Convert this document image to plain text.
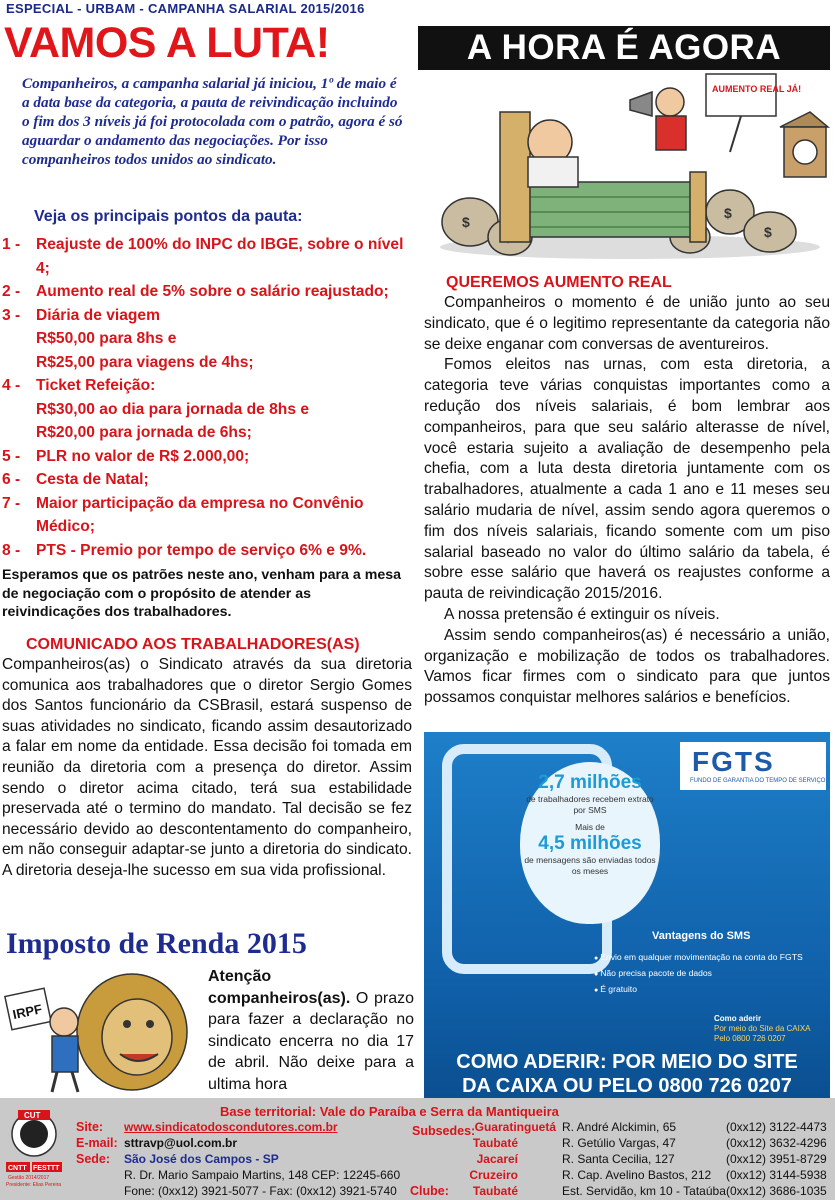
ESPECIAL - URBAM - CAMPANHA SALARIAL 2015/2016
VAMOS A LUTA!	A HORA É AGORA
Companheiros, a campanha salarial já iniciou, 1º de maio é a data base da categoria, a pauta de reivindicação incluindo o fim dos 3 níveis já foi protocolada com o patrão, agora é só aguardar o andamento das negociações. Por isso companheiros todos unidos ao sindicato.
$
$
$
AUMENTO REAL JÁ!
Veja os principais pontos da pauta:
1 -	Reajuste de 100% do INPC do IBGE, sobre o nível 4;
2 -	Aumento real de 5% sobre o salário reajustado;
3 -	Diária de viagem
R$50,00 para 8hs e
R$25,00 para viagens de 4hs;
4 -	Ticket Refeição:
R$30,00 ao dia para jornada de 8hs e
R$20,00 para jornada de 6hs;
5 -	PLR no valor de R$ 2.000,00;
6 -	Cesta de Natal;
7 -	Maior participação da empresa no Convênio Médico;
8 -	PTS - Premio por tempo de serviço 6% e 9%.
Esperamos que os patrões neste ano, venham para a mesa de negociação com o propósito de atender as reivindicações dos trabalhadores.
COMUNICADO AOS TRABALHADORES(AS)
Companheiros(as) o Sindicato através da sua diretoria comunica aos trabalhadores que o diretor Sergio Gomes dos Santos funcionário da CSBrasil, estará suspenso de suas atividades no sindicato, ficando assim desautorizado a falar em nome da entidade. Essa decisão foi tomada em reunião da diretoria com a presença do diretor. Assim sendo o diretor acima citado, terá sua estabilidade preservada até o termino do mandato. Tal decisão se fez necessário devido ao descontentamento do companheiro, em não conseguir adaptar-se junto a diretoria do sindicato. A diretoria deseja-lhe sucesso em sua vida profissional.
QUEREMOS AUMENTO REAL

Companheiros o momento é de união junto ao seu sindicato, que é o legitimo representante da categoria não se deixe enganar com conversas de aventureiros.

Fomos eleitos nas urnas, com esta diretoria, a categoria teve várias conquistas importantes como a redução dos níveis salariais, é bom lembrar aos companheiros, para que seu salário alterasse de nível, você estaria sujeito a avaliação de desempenho pela chefia, com a luta desta diretoria juntamente com os trabalhadores, atualmente a cada 1 ano e 11 meses seu salário mudaria de nível, assim sendo agora queremos o fim dos níveis salariais, ficando somente com um piso salarial baseado no valor do último salário da tabela, é sobre esse salário que haverá os reajustes conforme a pauta de reivindicação 2015/2016.

A nossa pretensão é extinguir os níveis.

Assim sendo companheiros(as) é necessário a união, organização e mobilização de todos os trabalhadores. Vamos ficar firmes com o sindicato para que juntos possamos conquistar melhores salários e benefícios.

Imposto de Renda 2015
IRPF
Atenção companheiros(as). O prazo para fazer a declaração no sindicato encerra no dia 17 de abril. Não deixe para a ultima hora
2,7 milhões
de trabalhadores recebem extrato por SMS
Mais de
4,5 milhões
de mensagens são enviadas todos os meses
FGTS
FUNDO DE GARANTIA DO TEMPO DE SERVIÇO
Vantagens do SMS
● Envio em qualquer movimentação na conta do FGTS
● Não precisa pacote de dados
● É gratuito
Como aderir
Por meio do Site da CAIXA
Pelo 0800 726 0207
COMO ADERIR: POR MEIO DO SITE
DA CAIXA OU PELO 0800 726 0207
CUT
CNTT FESTTT
Gestão 2014/2017
Presidente: Elias Pereira
Base territorial: Vale do Paraíba e Serra da Mantiqueira
Site: www.sindicatodoscondutores.com.br
E-mail: sttravp@uol.com.br
Sede: São José dos Campos - SP
R. Dr. Mario Sampaio Martins, 148 CEP: 12245-660
Fone: (0xx12) 3921-5077 - Fax: (0xx12) 3921-5740
Subsedes:
Clube:
Guaratinguetá R. André Alckimin, 65	(0xx12) 3122-4473
Taubaté	R. Getúlio Vargas, 47	(0xx12) 3632-4296
Jacareí	R. Santa Cecilia, 127	(0xx12) 3951-8729
Cruzeiro	R. Cap. Avelino Bastos, 212 (0xx12) 3144-5938
Taubaté	Est. Servidão, km 10 - Tataúba (0xx12) 3686-1035
